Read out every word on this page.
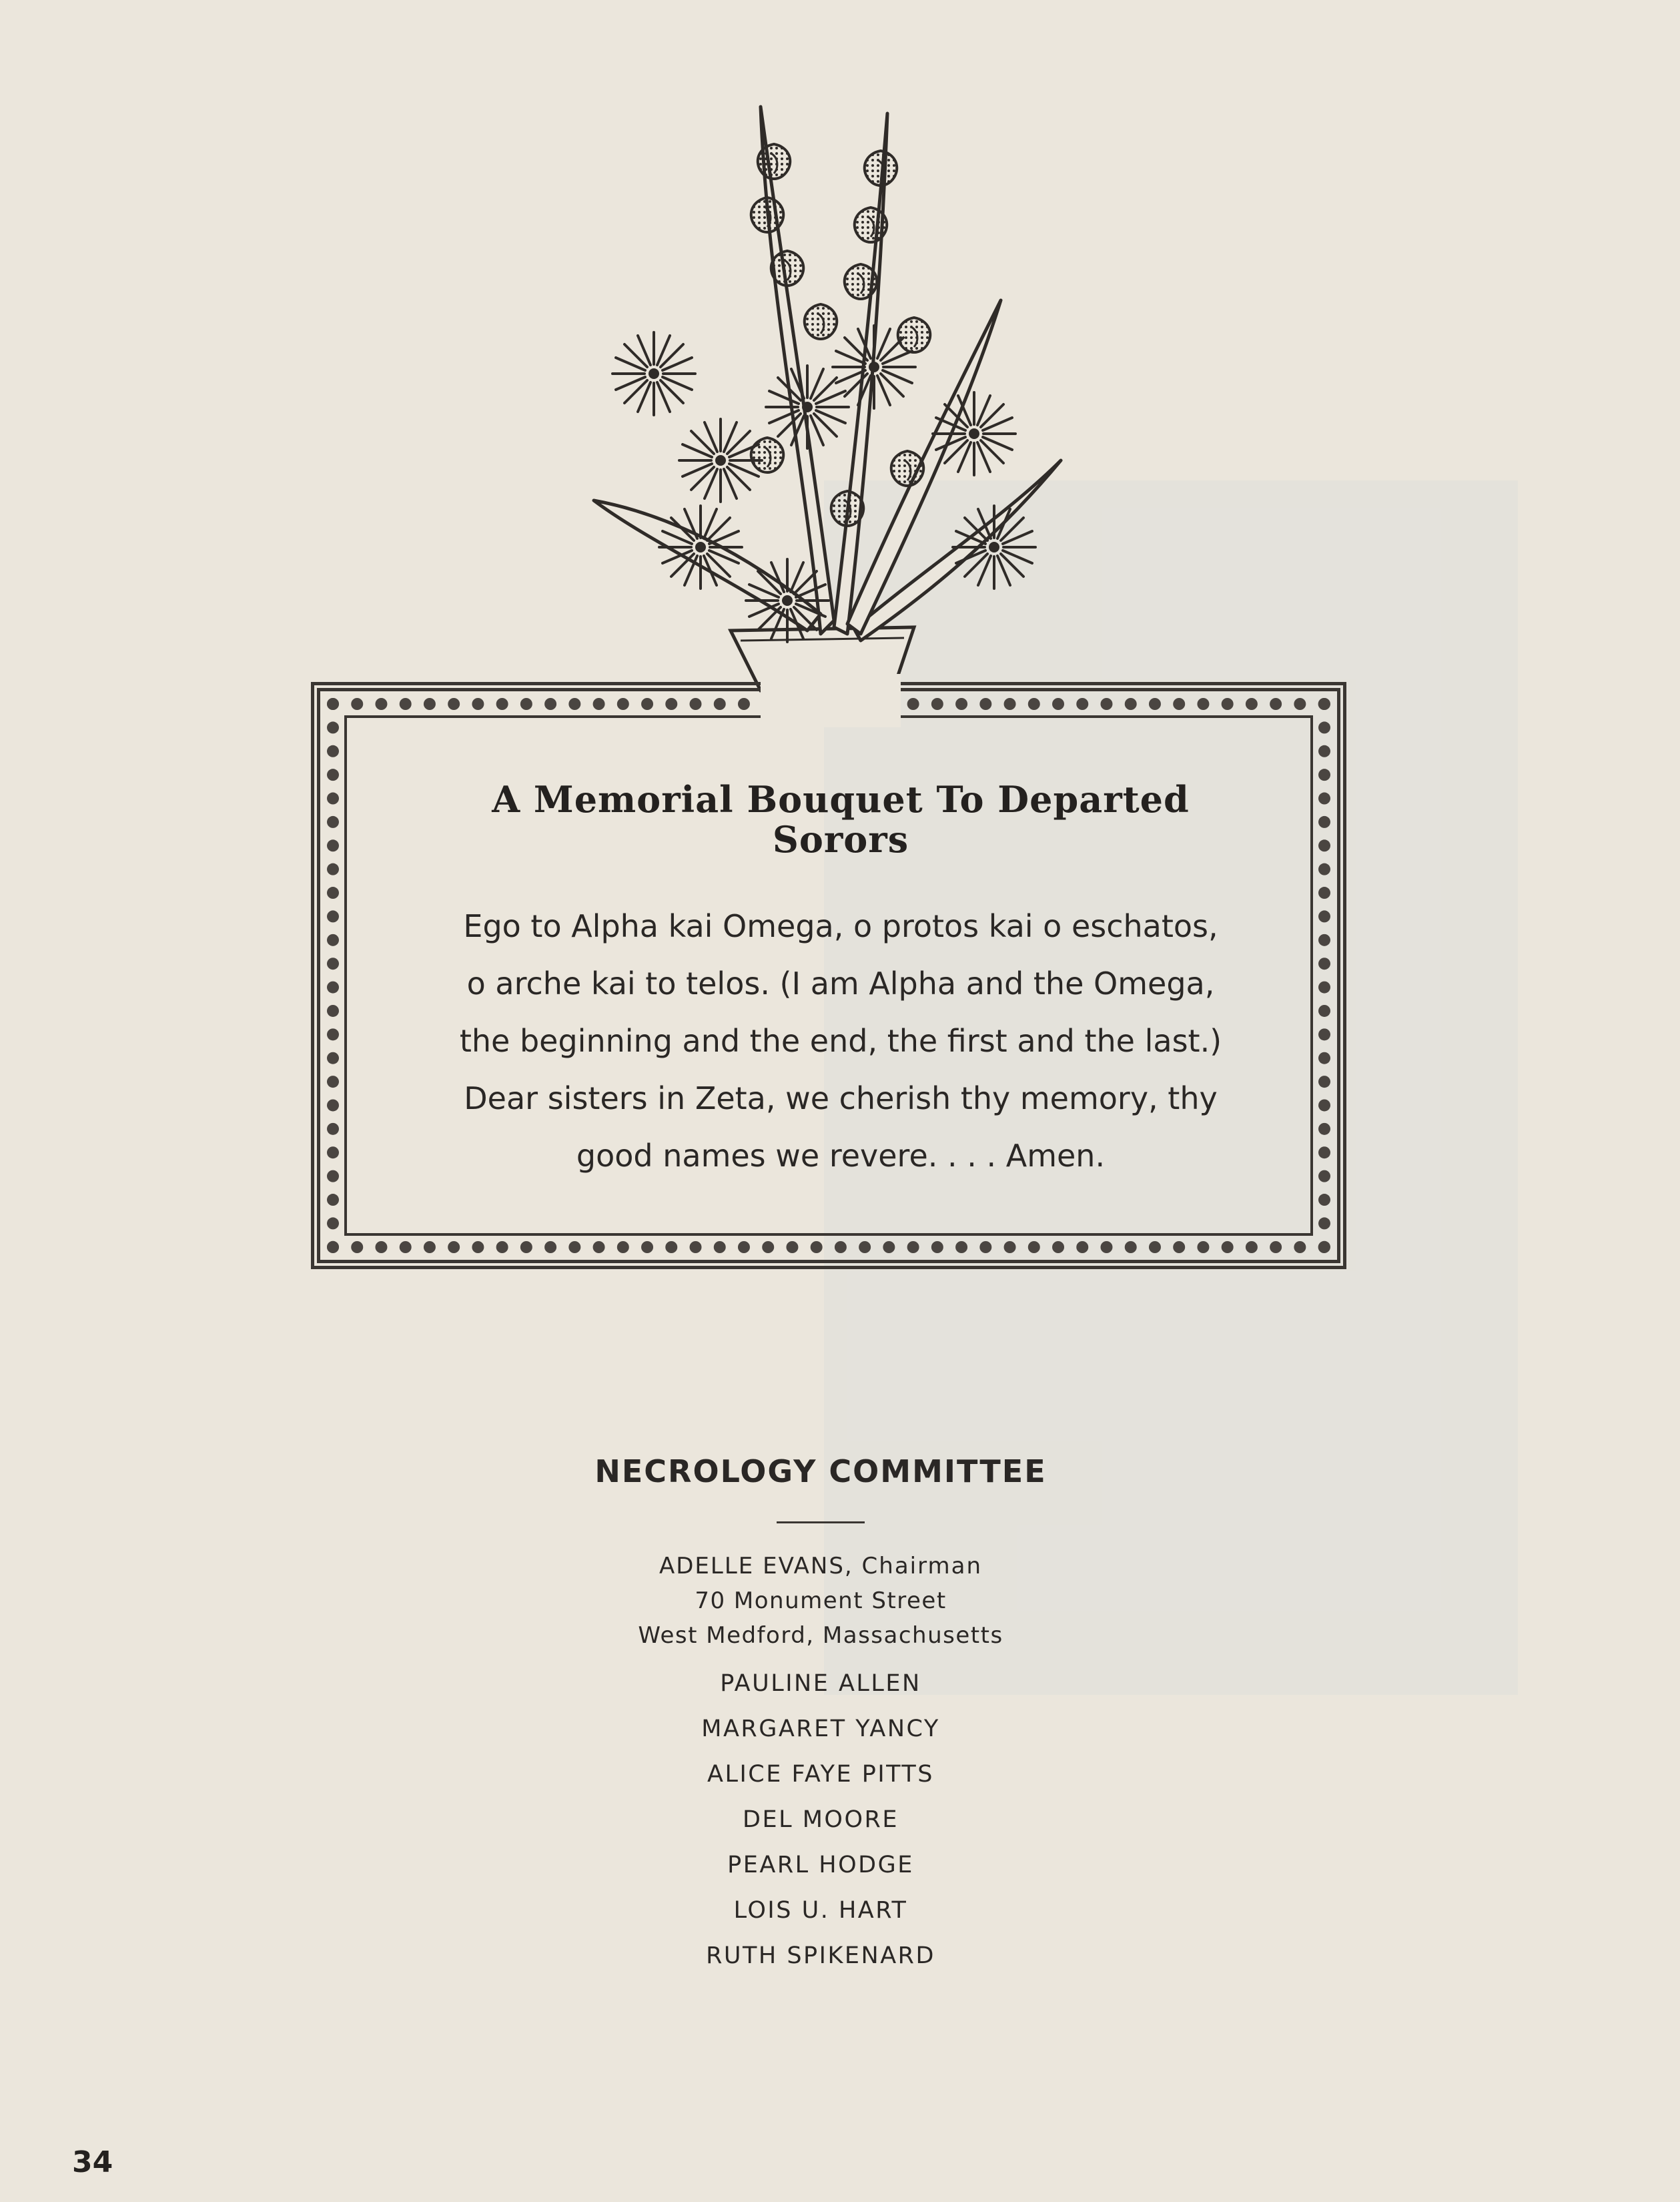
A Memorial Bouquet To Departed
Sorors

Ego to Alpha kai Omega, o protos kai o eschatos,
o arche kai to telos. (I am Alpha and the Omega,
the beginning and the end, the first and the last.)
Dear sisters in Zeta, we cherish thy memory, thy
good names we revere. . . . Amen.

NECROLOGY COMMITTEE
ADELLE EVANS, Chairman
70 Monument Street
West Medford, Massachusetts
PAULINE ALLEN
MARGARET YANCY
ALICE FAYE PITTS
DEL MOORE
PEARL HODGE
LOIS U. HART
RUTH SPIKENARD

34
